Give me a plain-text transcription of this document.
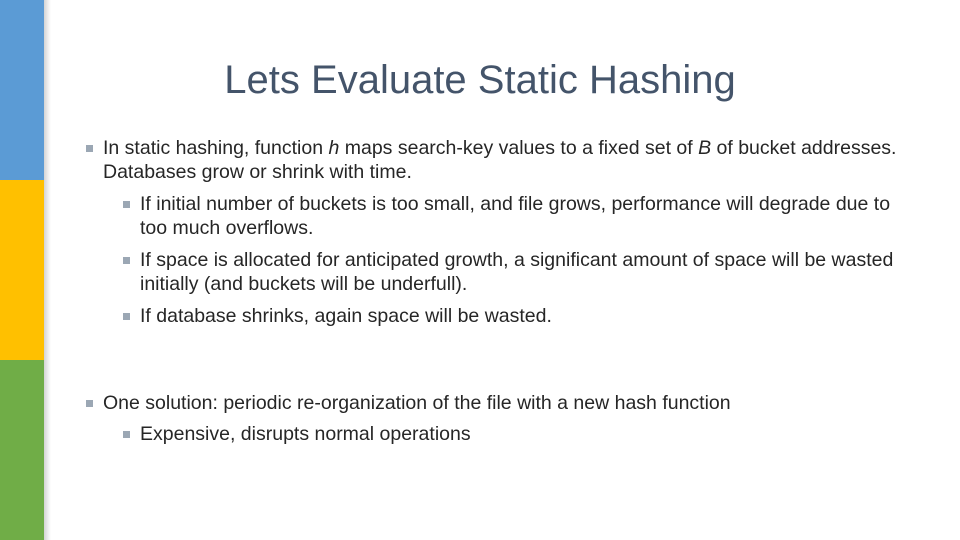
Lets Evaluate Static Hashing
In static hashing, function h maps search-key values to a fixed set of B of bucket addresses. Databases grow or shrink with time.
If initial number of buckets is too small, and file grows, performance will degrade due to too much overflows.
If space is allocated for anticipated growth, a significant amount of space will be wasted initially (and buckets will be underfull).
If database shrinks, again space will be wasted.
One solution: periodic re-organization of the file with a new hash function
Expensive, disrupts normal operations
